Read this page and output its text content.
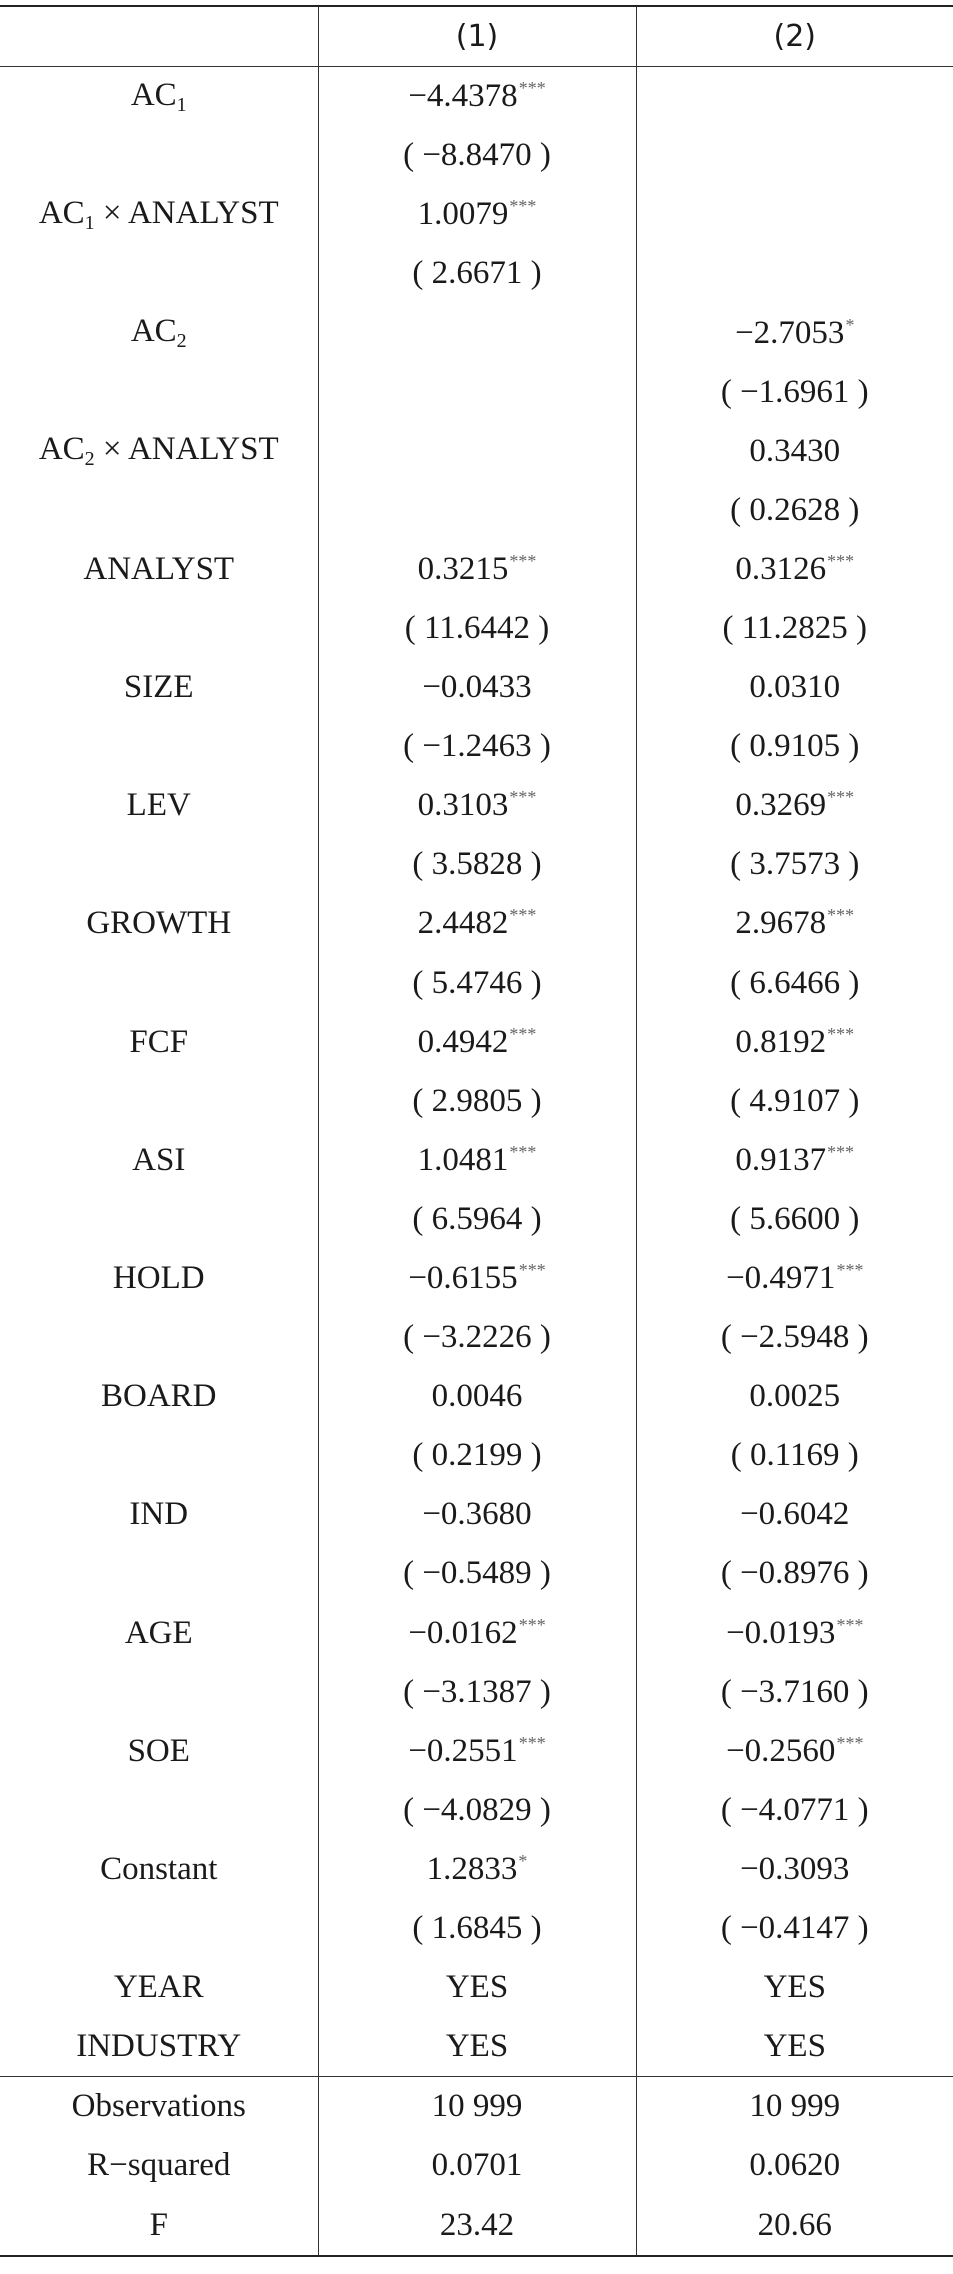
	(1)	(2)
$AC_1$	−4.4378***	
	( −8.8470 )	
$AC_1$ × ANALYST	1.0079***	
	( 2.6671 )	
$AC_2$		−2.7053*
		( −1.6961 )
$AC_2$ × ANALYST		0.3430
		( 0.2628 )
ANALYST	0.3215***	0.3126***
	( 11.6442 )	( 11.2825 )
SIZE	−0.0433	0.0310
	( −1.2463 )	( 0.9105 )
LEV	0.3103***	0.3269***
	( 3.5828 )	( 3.7573 )
GROWTH	2.4482***	2.9678***
	( 5.4746 )	( 6.6466 )
FCF	0.4942***	0.8192***
	( 2.9805 )	( 4.9107 )
ASI	1.0481***	0.9137***
	( 6.5964 )	( 5.6600 )
HOLD	−0.6155***	−0.4971***
	( −3.2226 )	( −2.5948 )
BOARD	0.0046	0.0025
	( 0.2199 )	( 0.1169 )
IND	−0.3680	−0.6042
	( −0.5489 )	( −0.8976 )
AGE	−0.0162***	−0.0193***
	( −3.1387 )	( −3.7160 )
SOE	−0.2551***	−0.2560***
	( −4.0829 )	( −4.0771 )
Constant	1.2833*	−0.3093
	( 1.6845 )	( −0.4147 )
YEAR	YES	YES
INDUSTRY	YES	YES
Observations	10 999	10 999
R−squared	0.0701	0.0620
F	23.42	20.66
